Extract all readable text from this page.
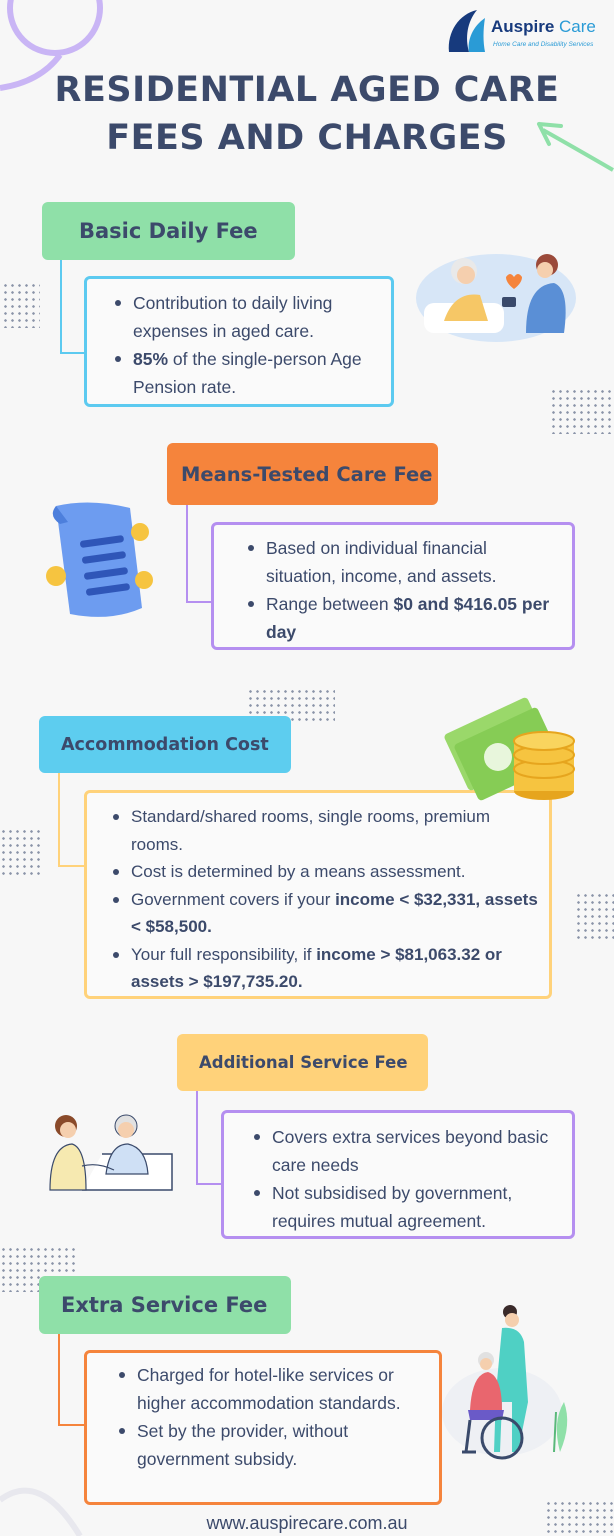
Auspire Care
Home Care and Disability Services
RESIDENTIAL AGED CARE
FEES AND CHARGES
Basic Daily Fee
Contribution to daily living expenses in aged care.
85% of the single-person Age Pension rate.
Means-Tested Care Fee
Based on individual financial situation, income, and assets.
Range between $0 and $416.05 per day
Accommodation Cost
Standard/shared rooms, single rooms, premium rooms.
Cost is determined by a means assessment.
Government covers if your income < $32,331, assets < $58,500.
Your full responsibility, if income > $81,063.32 or assets > $197,735.20.
Additional Service Fee
Covers extra services beyond basic care needs
Not subsidised by government, requires mutual agreement.
Extra Service Fee
Charged for hotel-like services or higher accommodation standards.
Set by the provider, without government subsidy.
www.auspirecare.com.au
